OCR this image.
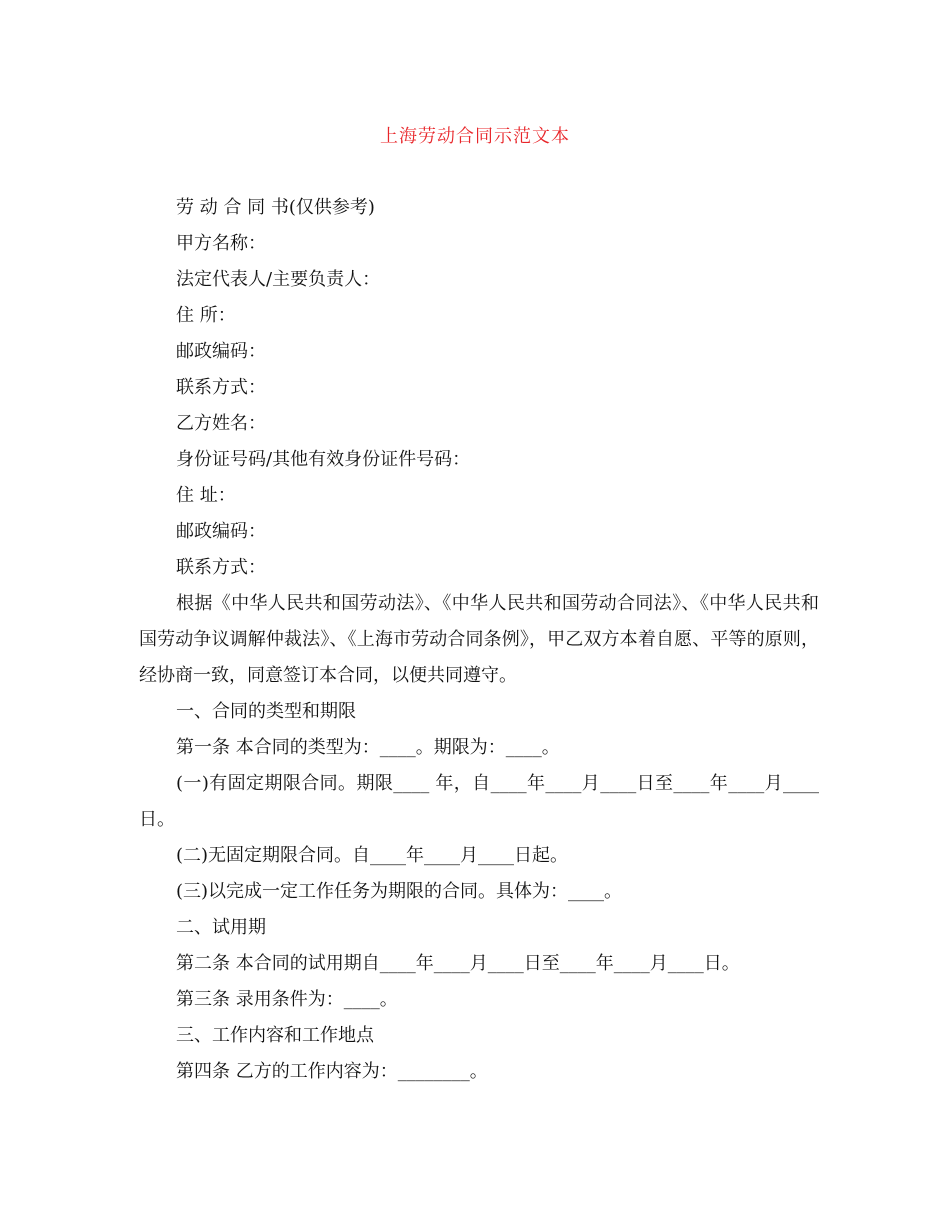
上海劳动合同示范文本

劳 动 合 同 书(仅供参考)

甲方名称：

法定代表人/主要负责人：

住 所：

邮政编码：

联系方式：

乙方姓名：

身份证号码/其他有效身份证件号码：

住 址：

邮政编码：

联系方式：

根据《中华人民共和国劳动法》、《中华人民共和国劳动合同法》、《中华人民共和国劳动争议调解仲裁法》、《上海市劳动合同条例》，甲乙双方本着自愿、平等的原则，经协商一致，同意签订本合同，以便共同遵守。

一、合同的类型和期限

第一条 本合同的类型为：____。期限为：____。

(一)有固定期限合同。期限____ 年，自____年____月____日至____年____月____日。

(二)无固定期限合同。自____年____月____日起。

(三)以完成一定工作任务为期限的合同。具体为：____。

二、试用期

第二条 本合同的试用期自____年____月____日至____年____月____日。

第三条 录用条件为：____。

三、工作内容和工作地点

第四条 乙方的工作内容为：________。
